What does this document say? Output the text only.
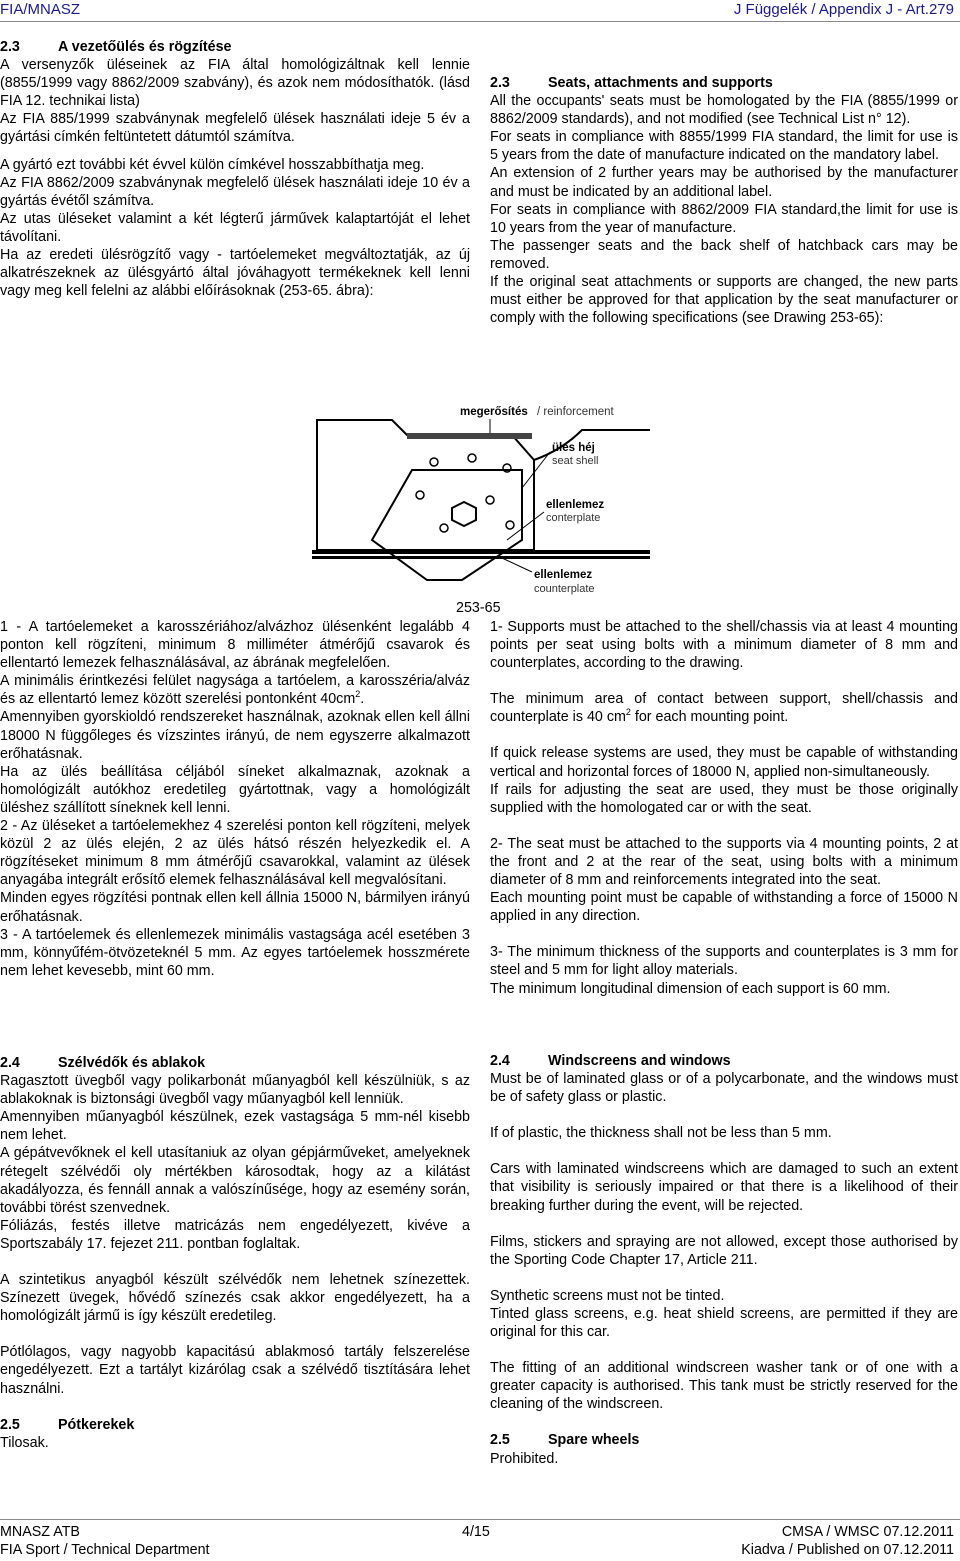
FIA/MNASZ	J Függelék / Appendix J - Art.279
2.3	A vezetőülés és rögzítése

A versenyzők üléseinek az FIA által homológizáltnak kell lennie (8855/1999 vagy 8862/2009 szabvány), és azok nem módosíthatók. (lásd FIA 12. technikai lista)

Az FIA 885/1999 szabványnak megfelelő ülések használati ideje 5 év a gyártási címkén feltüntetett dátumtól számítva.

A gyártó ezt további két évvel külön címkével hosszabbíthatja meg.

Az FIA 8862/2009 szabványnak megfelelő ülések használati ideje 10 év a gyártás évétől számítva.

Az utas üléseket valamint a két légterű járművek kalaptartóját el lehet távolítani.

Ha az eredeti ülésrögzítő vagy - tartóelemeket megváltoztatják, az új alkatrészeknek az ülésgyártó által jóváhagyott termékeknek kell lenni vagy meg kell felelni az alábbi előírásoknak (253-65. ábra):

2.3	Seats, attachments and supports

All the occupants' seats must be homologated by the FIA (8855/1999 or 8862/2009 standards), and not modified (see Technical List n° 12).

For seats in compliance with 8855/1999 FIA standard, the limit for use is 5 years from the date of manufacture indicated on the mandatory label.

An extension of 2 further years may be authorised by the manufacturer and must be indicated by an additional label.

For seats in compliance with 8862/2009 FIA standard,the limit for use is 10 years from the year of manufacture.

The passenger seats and the back shelf of hatchback cars may be removed.

If the original seat attachments or supports are changed, the new parts must either be approved for that application by the seat manufacturer or comply with the following specifications (see Drawing 253-65):

megerősítés / reinforcement
ülés héj
seat shell
ellenlemez
conterplate
ellenlemez
counterplate
253-65

1 - A tartóelemeket a karosszériához/alvázhoz ülésenként legalább 4 ponton kell rögzíteni, minimum 8 milliméter átmérőjű csavarok és ellentartó lemezek felhasználásával, az ábrának megfelelően.

A minimális érintkezési felület nagysága a tartóelem, a karosszéria/alváz és az ellentartó lemez között szerelési pontonként $40cm^2$.

Amennyiben gyorskioldó rendszereket használnak, azoknak ellen kell állni 18000 N függőleges és vízszintes irányú, de nem egyszerre alkalmazott erőhatásnak.

Ha az ülés beállítása céljából síneket alkalmaznak, azoknak a homológizált autókhoz eredetileg gyártottnak, vagy a homológizált üléshez szállított síneknek kell lenni.

2 - Az üléseket a tartóelemekhez 4 szerelési ponton kell rögzíteni, melyek közül 2 az ülés elején, 2 az ülés hátsó részén helyezkedik el. A rögzítéseket minimum 8 mm átmérőjű csavarokkal, valamint az ülések anyagába integrált erősítő elemek felhasználásával kell megvalósítani.

Minden egyes rögzítési pontnak ellen kell állnia 15000 N, bármilyen irányú erőhatásnak.

3 - A tartóelemek és ellenlemezek minimális vastagsága acél esetében 3 mm, könnyűfém-ötvözeteknél 5 mm. Az egyes tartóelemek hosszmérete nem lehet kevesebb, mint 60 mm.

1- Supports must be attached to the shell/chassis via at least 4 mounting points per seat using bolts with a minimum diameter of 8 mm and counterplates, according to the drawing.

The minimum area of contact between support, shell/chassis and counterplate is 40 $cm^2$ for each mounting point.

If quick release systems are used, they must be capable of withstanding vertical and horizontal forces of 18000 N, applied non-simultaneously.

If rails for adjusting the seat are used, they must be those originally supplied with the homologated car or with the seat.

2- The seat must be attached to the supports via 4 mounting points, 2 at the front and 2 at the rear of the seat, using bolts with a minimum diameter of 8 mm and reinforcements integrated into the seat.

Each mounting point must be capable of withstanding a force of 15000 N applied in any direction.

3- The minimum thickness of the supports and counterplates is 3 mm for steel and 5 mm for light alloy materials.

The minimum longitudinal dimension of each support is 60 mm.

2.4	Szélvédők és ablakok

Ragasztott üvegből vagy polikarbonát műanyagból kell készülniük, s az ablakoknak is biztonsági üvegből vagy műanyagból kell lenniük.

Amennyiben műanyagból készülnek, ezek vastagsága 5 mm-nél kisebb nem lehet.

A gépátvevőknek el kell utasítaniuk az olyan gépjárműveket, amelyeknek rétegelt szélvédői oly mértékben károsodtak, hogy az a kilátást akadályozza, és fennáll annak a valószínűsége, hogy az esemény során, további törést szenvednek.

Fóliázás, festés illetve matricázás nem engedélyezett, kivéve a Sportszabály 17. fejezet 211. pontban foglaltak.

A szintetikus anyagból készült szélvédők nem lehetnek színezettek. Színezett üvegek, hővédő színezés csak akkor engedélyezett, ha a homológizált jármű is így készült eredetileg.

Pótlólagos, vagy nagyobb kapacitású ablakmosó tartály felszerelése engedélyezett. Ezt a tartályt kizárólag csak a szélvédő tisztítására lehet használni.

2.5	Pótkerekek

Tilosak.

2.4	Windscreens and windows

Must be of laminated glass or of a polycarbonate, and the windows must be of safety glass or plastic.

If of plastic, the thickness shall not be less than 5 mm.

Cars with laminated windscreens which are damaged to such an extent that visibility is seriously impaired or that there is a likelihood of their breaking further during the event, will be rejected.

Films, stickers and spraying are not allowed, except those authorised by the Sporting Code Chapter 17, Article 211.

Synthetic screens must not be tinted.

Tinted glass screens, e.g. heat shield screens, are permitted if they are original for this car.

The fitting of an additional windscreen washer tank or of one with a greater capacity is authorised. This tank must be strictly reserved for the cleaning of the windscreen.

2.5	Spare wheels

Prohibited.

MNASZ ATB
FIA Sport / Technical Department
4/15	CMSA / WMSC 07.12.2011
Kiadva / Published on 07.12.2011
